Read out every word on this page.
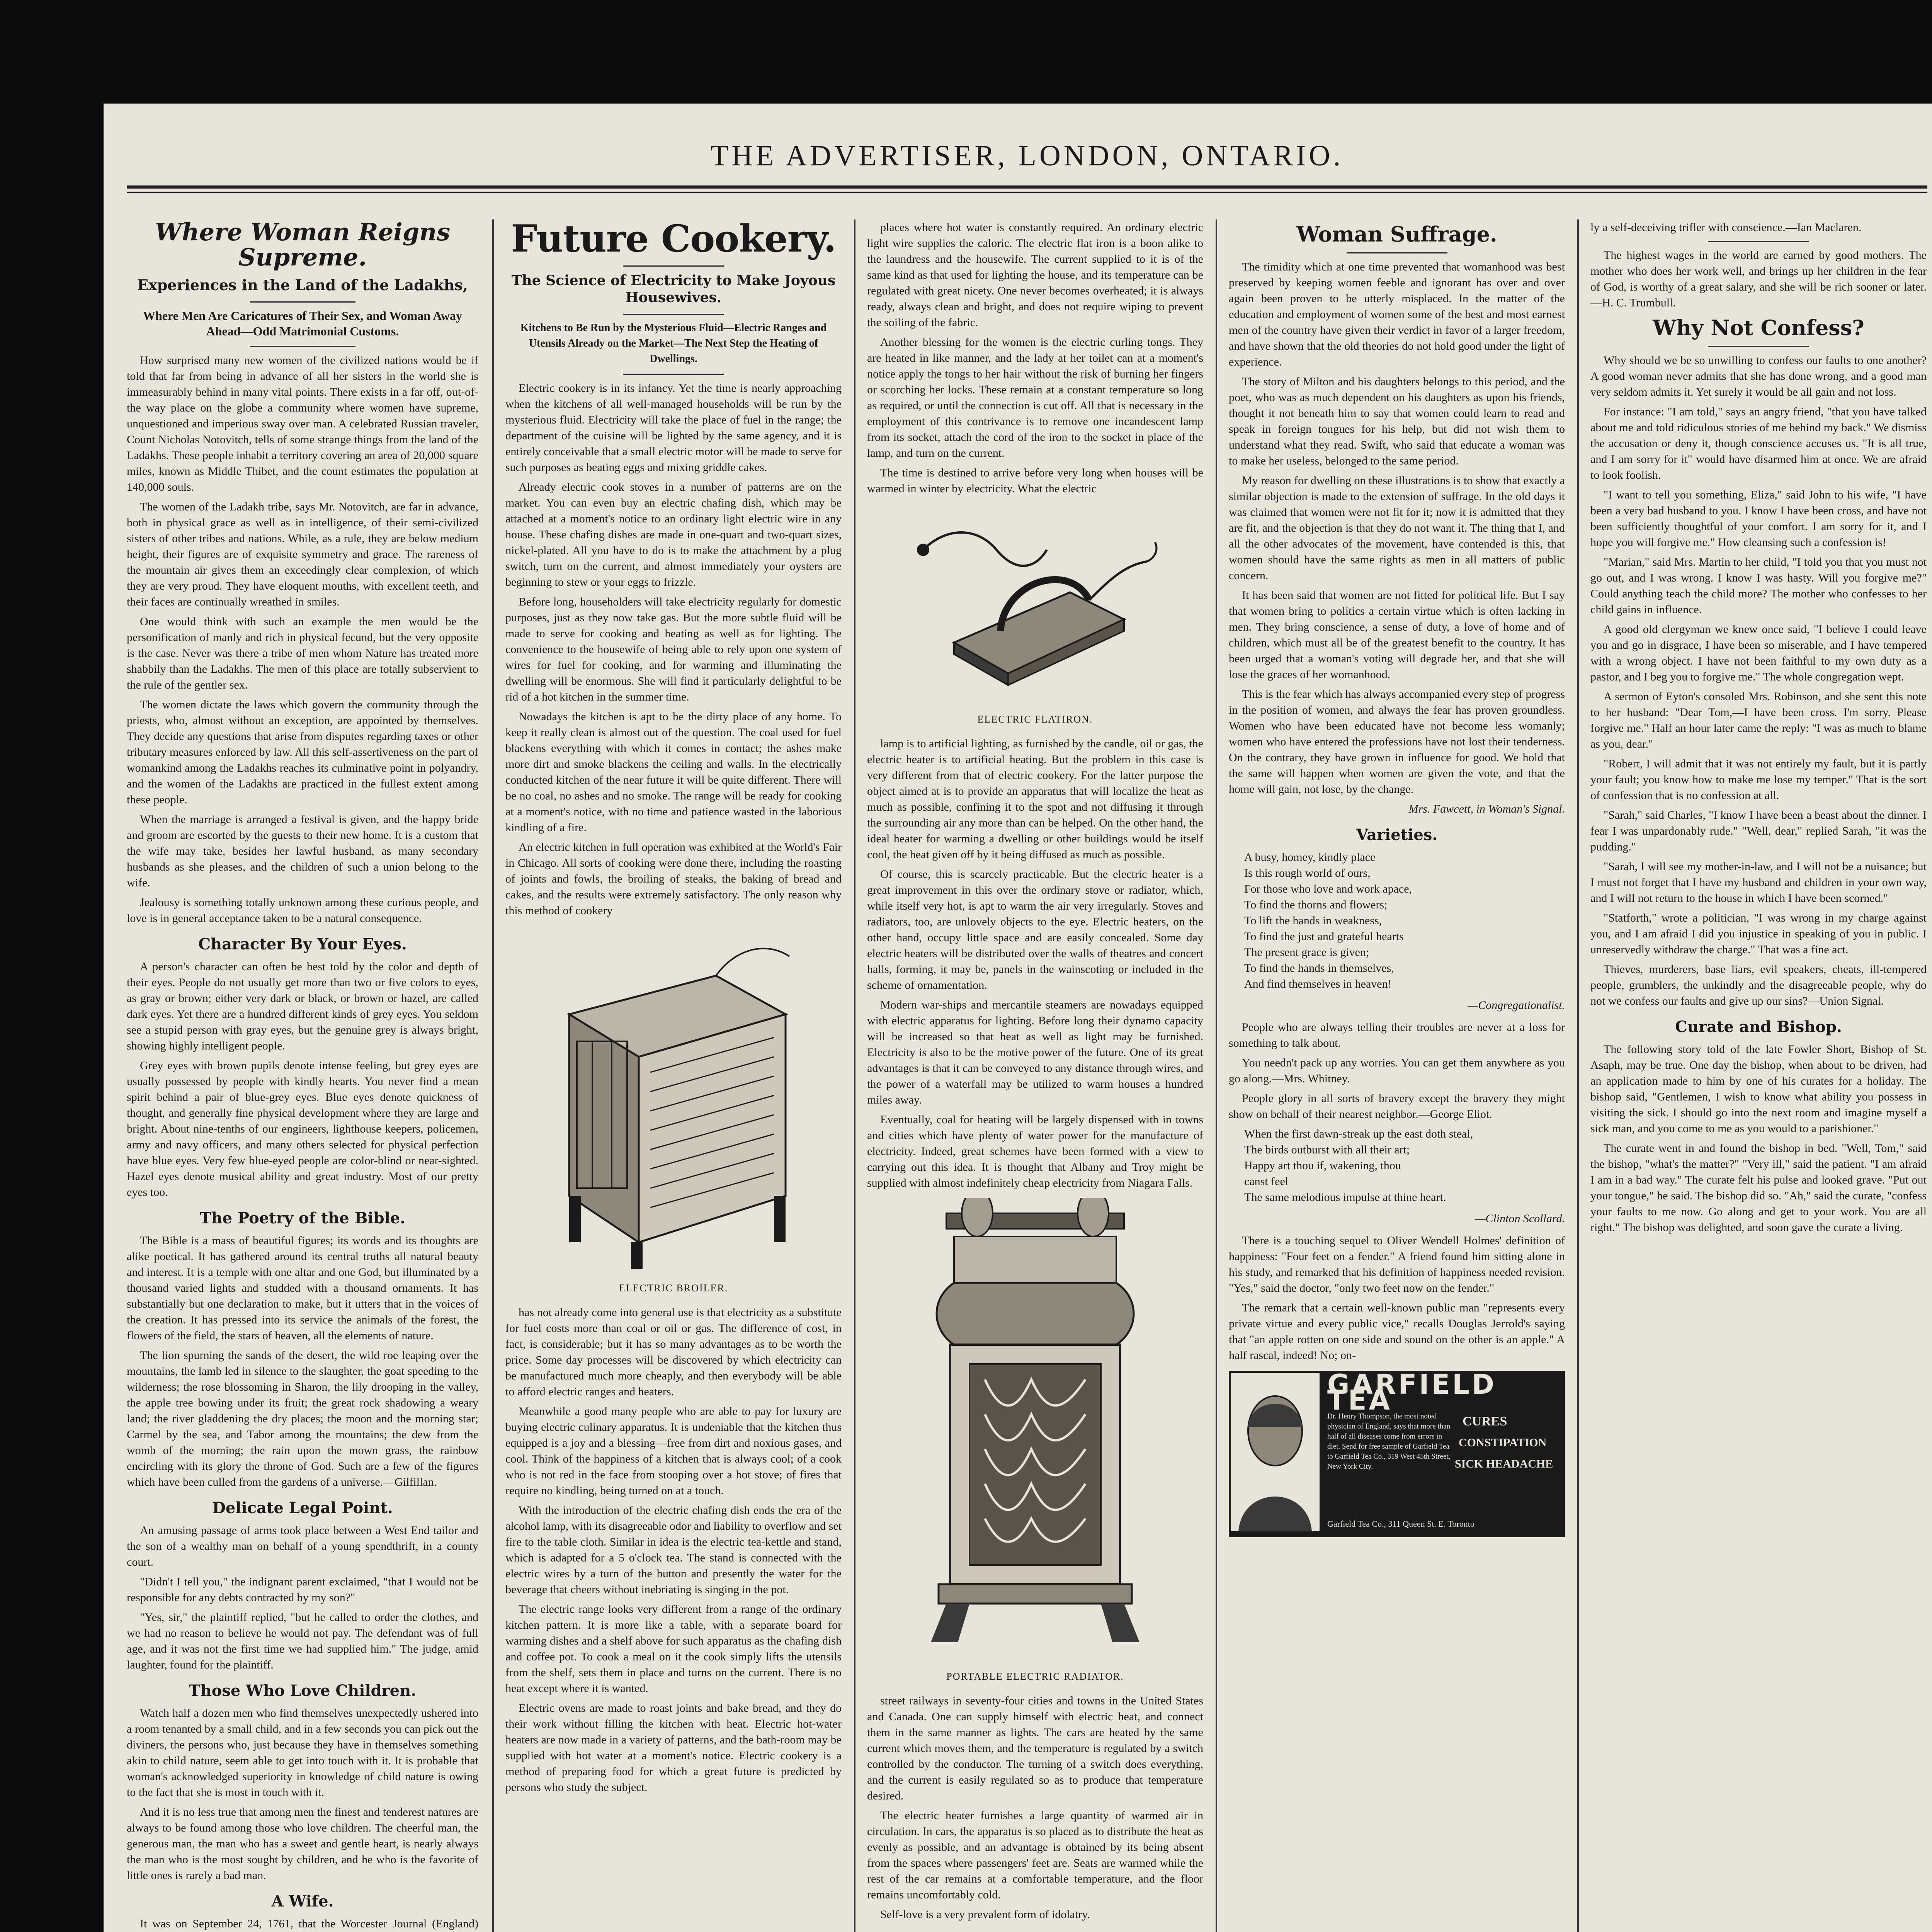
THE ADVERTISER, LONDON, ONTARIO.
Where Woman Reigns Supreme.
Experiences in the Land of the Ladakhs,
Where Men Are Caricatures of Their Sex, and Woman Away Ahead—Odd Matrimonial Customs.

How surprised many new women of the civilized nations would be if told that far from being in advance of all her sisters in the world she is immeasurably behind in many vital points. There exists in a far off, out-of-the way place on the globe a community where women have supreme, unquestioned and imperious sway over man. A celebrated Russian traveler, Count Nicholas Notovitch, tells of some strange things from the land of the Ladakhs. These people inhabit a territory covering an area of 20,000 square miles, known as Middle Thibet, and the count estimates the population at 140,000 souls.

The women of the Ladakh tribe, says Mr. Notovitch, are far in advance, both in physical grace as well as in intelligence, of their semi-civilized sisters of other tribes and nations. While, as a rule, they are below medium height, their figures are of exquisite symmetry and grace. The rareness of the mountain air gives them an exceedingly clear complexion, of which they are very proud. They have eloquent mouths, with excellent teeth, and their faces are continually wreathed in smiles.

One would think with such an example the men would be the personification of manly and rich in physical fecund, but the very opposite is the case. Never was there a tribe of men whom Nature has treated more shabbily than the Ladakhs. The men of this place are totally subservient to the rule of the gentler sex.

The women dictate the laws which govern the community through the priests, who, almost without an exception, are appointed by themselves. They decide any questions that arise from disputes regarding taxes or other tributary measures enforced by law. All this self-assertiveness on the part of womankind among the Ladakhs reaches its culminative point in polyandry, and the women of the Ladakhs are practiced in the fullest extent among these people.

When the marriage is arranged a festival is given, and the happy bride and groom are escorted by the guests to their new home. It is a custom that the wife may take, besides her lawful husband, as many secondary husbands as she pleases, and the children of such a union belong to the wife.

Jealousy is something totally unknown among these curious people, and love is in general acceptance taken to be a natural consequence.

Character By Your Eyes.

A person's character can often be best told by the color and depth of their eyes. People do not usually get more than two or five colors to eyes, as gray or brown; either very dark or black, or brown or hazel, are called dark eyes. Yet there are a hundred different kinds of grey eyes. You seldom see a stupid person with gray eyes, but the genuine grey is always bright, showing highly intelligent people.

Grey eyes with brown pupils denote intense feeling, but grey eyes are usually possessed by people with kindly hearts. You never find a mean spirit behind a pair of blue-grey eyes. Blue eyes denote quickness of thought, and generally fine physical development where they are large and bright. About nine-tenths of our engineers, lighthouse keepers, policemen, army and navy officers, and many others selected for physical perfection have blue eyes. Very few blue-eyed people are color-blind or near-sighted. Hazel eyes denote musical ability and great industry. Most of our pretty eyes too.

The Poetry of the Bible.

The Bible is a mass of beautiful figures; its words and its thoughts are alike poetical. It has gathered around its central truths all natural beauty and interest. It is a temple with one altar and one God, but illuminated by a thousand varied lights and studded with a thousand ornaments. It has substantially but one declaration to make, but it utters that in the voices of the creation. It has pressed into its service the animals of the forest, the flowers of the field, the stars of heaven, all the elements of nature.

The lion spurning the sands of the desert, the wild roe leaping over the mountains, the lamb led in silence to the slaughter, the goat speeding to the wilderness; the rose blossoming in Sharon, the lily drooping in the valley, the apple tree bowing under its fruit; the great rock shadowing a weary land; the river gladdening the dry places; the moon and the morning star; Carmel by the sea, and Tabor among the mountains; the dew from the womb of the morning; the rain upon the mown grass, the rainbow encircling with its glory the throne of God. Such are a few of the figures which have been culled from the gardens of a universe.—Gilfillan.

Delicate Legal Point.

An amusing passage of arms took place between a West End tailor and the son of a wealthy man on behalf of a young spendthrift, in a county court.

"Didn't I tell you," the indignant parent exclaimed, "that I would not be responsible for any debts contracted by my son?"

"Yes, sir," the plaintiff replied, "but he called to order the clothes, and we had no reason to believe he would not pay. The defendant was of full age, and it was not the first time we had supplied him." The judge, amid laughter, found for the plaintiff.

Those Who Love Children.

Watch half a dozen men who find themselves unexpectedly ushered into a room tenanted by a small child, and in a few seconds you can pick out the diviners, the persons who, just because they have in themselves something akin to child nature, seem able to get into touch with it. It is probable that woman's acknowledged superiority in knowledge of child nature is owing to the fact that she is most in touch with it.

And it is no less true that among men the finest and tenderest natures are always to be found among those who love children. The cheerful man, the generous man, the man who has a sweet and gentle heart, is nearly always the man who is the most sought by children, and he who is the favorite of little ones is rarely a bad man.

A Wife.

It was on September 24, 1761, that the Worcester Journal (England)

Future Cookery.
The Science of Electricity to Make Joyous Housewives.
Kitchens to Be Run by the Mysterious Fluid—Electric Ranges and Utensils Already on the Market—The Next Step the Heating of Dwellings.

Electric cookery is in its infancy. Yet the time is nearly approaching when the kitchens of all well-managed households will be run by the mysterious fluid. Electricity will take the place of fuel in the range; the department of the cuisine will be lighted by the same agency, and it is entirely conceivable that a small electric motor will be made to serve for such purposes as beating eggs and mixing griddle cakes.

Already electric cook stoves in a number of patterns are on the market. You can even buy an electric chafing dish, which may be attached at a moment's notice to an ordinary light electric wire in any house. These chafing dishes are made in one-quart and two-quart sizes, nickel-plated. All you have to do is to make the attachment by a plug switch, turn on the current, and almost immediately your oysters are beginning to stew or your eggs to frizzle.

Before long, householders will take electricity regularly for domestic purposes, just as they now take gas. But the more subtle fluid will be made to serve for cooking and heating as well as for lighting. The convenience to the housewife of being able to rely upon one system of wires for fuel for cooking, and for warming and illuminating the dwelling will be enormous. She will find it particularly delightful to be rid of a hot kitchen in the summer time.

Nowadays the kitchen is apt to be the dirty place of any home. To keep it really clean is almost out of the question. The coal used for fuel blackens everything with which it comes in contact; the ashes make more dirt and smoke blackens the ceiling and walls. In the electrically conducted kitchen of the near future it will be quite different. There will be no coal, no ashes and no smoke. The range will be ready for cooking at a moment's notice, with no time and patience wasted in the laborious kindling of a fire.

An electric kitchen in full operation was exhibited at the World's Fair in Chicago. All sorts of cooking were done there, including the roasting of joints and fowls, the broiling of steaks, the baking of bread and cakes, and the results were extremely satisfactory. The only reason why this method of cookery

ELECTRIC BROILER.

has not already come into general use is that electricity as a substitute for fuel costs more than coal or oil or gas. The difference of cost, in fact, is considerable; but it has so many advantages as to be worth the price. Some day processes will be discovered by which electricity can be manufactured much more cheaply, and then everybody will be able to afford electric ranges and heaters.

Meanwhile a good many people who are able to pay for luxury are buying electric culinary apparatus. It is undeniable that the kitchen thus equipped is a joy and a blessing—free from dirt and noxious gases, and cool. Think of the happiness of a kitchen that is always cool; of a cook who is not red in the face from stooping over a hot stove; of fires that require no kindling, being turned on at a touch.

With the introduction of the electric chafing dish ends the era of the alcohol lamp, with its disagreeable odor and liability to overflow and set fire to the table cloth. Similar in idea is the electric tea-kettle and stand, which is adapted for a 5 o'clock tea. The stand is connected with the electric wires by a turn of the button and presently the water for the beverage that cheers without inebriating is singing in the pot.

The electric range looks very different from a range of the ordinary kitchen pattern. It is more like a table, with a separate board for warming dishes and a shelf above for such apparatus as the chafing dish and coffee pot. To cook a meal on it the cook simply lifts the utensils from the shelf, sets them in place and turns on the current. There is no heat except where it is wanted.

Electric ovens are made to roast joints and bake bread, and they do their work without filling the kitchen with heat. Electric hot-water heaters are now made in a variety of patterns, and the bath-room may be supplied with hot water at a moment's notice. Electric cookery is a method of preparing food for which a great future is predicted by persons who study the subject.

places where hot water is constantly required. An ordinary electric light wire supplies the caloric. The electric flat iron is a boon alike to the laundress and the housewife. The current supplied to it is of the same kind as that used for lighting the house, and its temperature can be regulated with great nicety. One never becomes overheated; it is always ready, always clean and bright, and does not require wiping to prevent the soiling of the fabric.

Another blessing for the women is the electric curling tongs. They are heated in like manner, and the lady at her toilet can at a moment's notice apply the tongs to her hair without the risk of burning her fingers or scorching her locks. These remain at a constant temperature so long as required, or until the connection is cut off. All that is necessary in the employment of this contrivance is to remove one incandescent lamp from its socket, attach the cord of the iron to the socket in place of the lamp, and turn on the current.

The time is destined to arrive before very long when houses will be warmed in winter by electricity. What the electric

ELECTRIC FLATIRON.

lamp is to artificial lighting, as furnished by the candle, oil or gas, the electric heater is to artificial heating. But the problem in this case is very different from that of electric cookery. For the latter purpose the object aimed at is to provide an apparatus that will localize the heat as much as possible, confining it to the spot and not diffusing it through the surrounding air any more than can be helped. On the other hand, the ideal heater for warming a dwelling or other buildings would be itself cool, the heat given off by it being diffused as much as possible.

Of course, this is scarcely practicable. But the electric heater is a great improvement in this over the ordinary stove or radiator, which, while itself very hot, is apt to warm the air very irregularly. Stoves and radiators, too, are unlovely objects to the eye. Electric heaters, on the other hand, occupy little space and are easily concealed. Some day electric heaters will be distributed over the walls of theatres and concert halls, forming, it may be, panels in the wainscoting or included in the scheme of ornamentation.

Modern war-ships and mercantile steamers are nowadays equipped with electric apparatus for lighting. Before long their dynamo capacity will be increased so that heat as well as light may be furnished. Electricity is also to be the motive power of the future. One of its great advantages is that it can be conveyed to any distance through wires, and the power of a waterfall may be utilized to warm houses a hundred miles away.

Eventually, coal for heating will be largely dispensed with in towns and cities which have plenty of water power for the manufacture of electricity. Indeed, great schemes have been formed with a view to carrying out this idea. It is thought that Albany and Troy might be supplied with almost indefinitely cheap electricity from Niagara Falls.

PORTABLE ELECTRIC RADIATOR.

street railways in seventy-four cities and towns in the United States and Canada. One can supply himself with electric heat, and connect them in the same manner as lights. The cars are heated by the same current which moves them, and the temperature is regulated by a switch controlled by the conductor. The turning of a switch does everything, and the current is easily regulated so as to produce that temperature desired.

The electric heater furnishes a large quantity of warmed air in circulation. In cars, the apparatus is so placed as to distribute the heat as evenly as possible, and an advantage is obtained by its being absent from the spaces where passengers' feet are. Seats are warmed while the rest of the car remains at a comfortable temperature, and the floor remains uncomfortably cold.

Self-love is a very prevalent form of idolatry.

Woman Suffrage.

The timidity which at one time prevented that womanhood was best preserved by keeping women feeble and ignorant has over and over again been proven to be utterly misplaced. In the matter of the education and employment of women some of the best and most earnest men of the country have given their verdict in favor of a larger freedom, and have shown that the old theories do not hold good under the light of experience.

The story of Milton and his daughters belongs to this period, and the poet, who was as much dependent on his daughters as upon his friends, thought it not beneath him to say that women could learn to read and speak in foreign tongues for his help, but did not wish them to understand what they read. Swift, who said that educate a woman was to make her useless, belonged to the same period.

My reason for dwelling on these illustrations is to show that exactly a similar objection is made to the extension of suffrage. In the old days it was claimed that women were not fit for it; now it is admitted that they are fit, and the objection is that they do not want it. The thing that I, and all the other advocates of the movement, have contended is this, that women should have the same rights as men in all matters of public concern.

It has been said that women are not fitted for political life. But I say that women bring to politics a certain virtue which is often lacking in men. They bring conscience, a sense of duty, a love of home and of children, which must all be of the greatest benefit to the country. It has been urged that a woman's voting will degrade her, and that she will lose the graces of her womanhood.

This is the fear which has always accompanied every step of progress in the position of women, and always the fear has proven groundless. Women who have been educated have not become less womanly; women who have entered the professions have not lost their tenderness. On the contrary, they have grown in influence for good. We hold that the same will happen when women are given the vote, and that the home will gain, not lose, by the change.

Mrs. Fawcett, in Woman's Signal.
Varieties.
A busy, homey, kindly place
Is this rough world of ours,
For those who love and work apace,
To find the thorns and flowers;
To lift the hands in weakness,
To find the just and grateful hearts
The present grace is given;
To find the hands in themselves,
And find themselves in heaven!
—Congregationalist.

People who are always telling their troubles are never at a loss for something to talk about.

You needn't pack up any worries. You can get them anywhere as you go along.—Mrs. Whitney.

People glory in all sorts of bravery except the bravery they might show on behalf of their nearest neighbor.—George Eliot.

When the first dawn-streak up the east doth steal,
The birds outburst with all their art;
Happy art thou if, wakening, thou
canst feel
The same melodious impulse at thine heart.
—Clinton Scollard.

There is a touching sequel to Oliver Wendell Holmes' definition of happiness: "Four feet on a fender." A friend found him sitting alone in his study, and remarked that his definition of happiness needed revision. "Yes," said the doctor, "only two feet now on the fender."

The remark that a certain well-known public man "represents every private virtue and every public vice," recalls Douglas Jerrold's saying that "an apple rotten on one side and sound on the other is an apple." A half rascal, indeed! No; on-

GARFIELD TEA
Dr. Henry Thompson, the most noted physician of England, says that more than half of all diseases come from errors in diet. Send for free sample of Garfield Tea to Garfield Tea Co., 319 West 45th Street, New York City.
CURES
CONSTIPATION
SICK HEADACHE
Garfield Tea Co., 311 Queen St. E. Toronto

ly a self-deceiving trifler with conscience.—Ian Maclaren.

The highest wages in the world are earned by good mothers. The mother who does her work well, and brings up her children in the fear of God, is worthy of a great salary, and she will be rich sooner or later.—H. C. Trumbull.

Why Not Confess?

Why should we be so unwilling to confess our faults to one another? A good woman never admits that she has done wrong, and a good man very seldom admits it. Yet surely it would be all gain and not loss.

For instance: "I am told," says an angry friend, "that you have talked about me and told ridiculous stories of me behind my back." We dismiss the accusation or deny it, though conscience accuses us. "It is all true, and I am sorry for it" would have disarmed him at once. We are afraid to look foolish.

"I want to tell you something, Eliza," said John to his wife, "I have been a very bad husband to you. I know I have been cross, and have not been sufficiently thoughtful of your comfort. I am sorry for it, and I hope you will forgive me." How cleansing such a confession is!

"Marian," said Mrs. Martin to her child, "I told you that you must not go out, and I was wrong. I know I was hasty. Will you forgive me?" Could anything teach the child more? The mother who confesses to her child gains in influence.

A good old clergyman we knew once said, "I believe I could leave you and go in disgrace, I have been so miserable, and I have tempered with a wrong object. I have not been faithful to my own duty as a pastor, and I beg you to forgive me." The whole congregation wept.

A sermon of Eyton's consoled Mrs. Robinson, and she sent this note to her husband: "Dear Tom,—I have been cross. I'm sorry. Please forgive me." Half an hour later came the reply: "I was as much to blame as you, dear."

"Robert, I will admit that it was not entirely my fault, but it is partly your fault; you know how to make me lose my temper." That is the sort of confession that is no confession at all.

"Sarah," said Charles, "I know I have been a beast about the dinner. I fear I was unpardonably rude." "Well, dear," replied Sarah, "it was the pudding."

"Sarah, I will see my mother-in-law, and I will not be a nuisance; but I must not forget that I have my husband and children in your own way, and I will not return to the house in which I have been scorned."

"Statforth," wrote a politician, "I was wrong in my charge against you, and I am afraid I did you injustice in speaking of you in public. I unreservedly withdraw the charge." That was a fine act.

Thieves, murderers, base liars, evil speakers, cheats, ill-tempered people, grumblers, the unkindly and the disagreeable people, why do not we confess our faults and give up our sins?—Union Signal.

Curate and Bishop.

The following story told of the late Fowler Short, Bishop of St. Asaph, may be true. One day the bishop, when about to be driven, had an application made to him by one of his curates for a holiday. The bishop said, "Gentlemen, I wish to know what ability you possess in visiting the sick. I should go into the next room and imagine myself a sick man, and you come to me as you would to a parishioner."

The curate went in and found the bishop in bed. "Well, Tom," said the bishop, "what's the matter?" "Very ill," said the patient. "I am afraid I am in a bad way." The curate felt his pulse and looked grave. "Put out your tongue," he said. The bishop did so. "Ah," said the curate, "confess your faults to me now. Go along and get to your work. You are all right." The bishop was delighted, and soon gave the curate a living.
